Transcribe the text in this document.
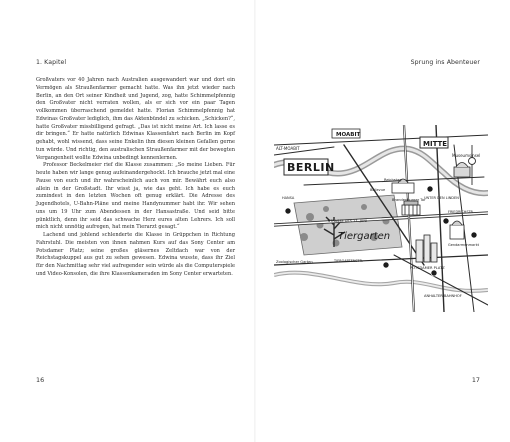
1. Kapitel

Großvaters vor 40 Jahren nach Australien ausgewandert war und dort ein Vermögen als Straußenfarmer gemacht hatte. Was ihn jetzt wieder nach Berlin, an den Ort seiner Kindheit und Jugend, zog, hatte Schimmelpfennig den Großvater nicht verraten wollen, als er sich vor ein paar Tagen vollkommen überraschend gemeldet hatte. Florian Schimmelpfennig hat Edwinas Großvater lediglich, ihm das Aktenbündel zu schicken. „Schicken?“, hatte Großvater missbilligend gefragt. „Das ist nicht meine Art. Ich lasse es dir bringen.“ Er hatte natürlich Edwinas Klassenfahrt nach Berlin im Kopf gehabt, wohl wissend, dass seine Enkelin ihm diesen kleinen Gefallen gerne tun würde. Und richtig, den australischen Straußenfarmer mit der bewegten Vergangenheit wollte Edwina unbedingt kennenlernen.

Professor Beckelmeier rief die Klasse zusammen: „So meine Lieben. Für heute haben wir lange genug aufeinandergehockt. Ich brauche jetzt mal eine Pause von euch und ihr wahrscheinlich auch von mir. Bewährt euch also allein in der Großstadt. Ihr wisst ja, wie das geht. Ich habe es euch zumindest in den letzten Wochen oft genug erklärt. Die Adresse des Jugendhotels, U-Bahn-Pläne und meine Handynummer habt ihr. Wir sehen uns um 19 Uhr zum Abendessen in der Hansastraße. Und seid bitte pünktlich, denn ihr seid das schwache Herz eures alten Lehrers. Ich soll mich nicht unnötig aufregen, hat mein Tierarzt gesagt.“

Lachend und johlend schlenderte die Klasse in Grüppchen in Richtung Fahrstuhl. Die meisten von ihnen nahmen Kurs auf das Sony Center am Potsdamer Platz; seine großes gläsernes Zeltdach war von der Reichstagskuppel aus gut zu sehen gewesen. Edwina wusste, dass ihr Ziel für den Nachmittag sehr viel aufregender sein würde als die Computerspiele und Video-Konsolen, die ihre Klassenkameraden im Sony Center erwarteten.

16
Sprung ins Abenteuer
MOABIT
ALT-MOABIT
MITTE
BERLIN
Tiergarten
STRASSE DES 17. JUNI
Brandenburger Tor
Reichstag
Museumsinsel
UNTER DEN LINDEN
FRIEDRICHSTR.
Gendarmenmarkt
POTSDAMER PLATZ
ANHALTER BAHNHOF
Zoologischer Garten	TIERGARTENSTR.
Bellevue
HANSA
17
